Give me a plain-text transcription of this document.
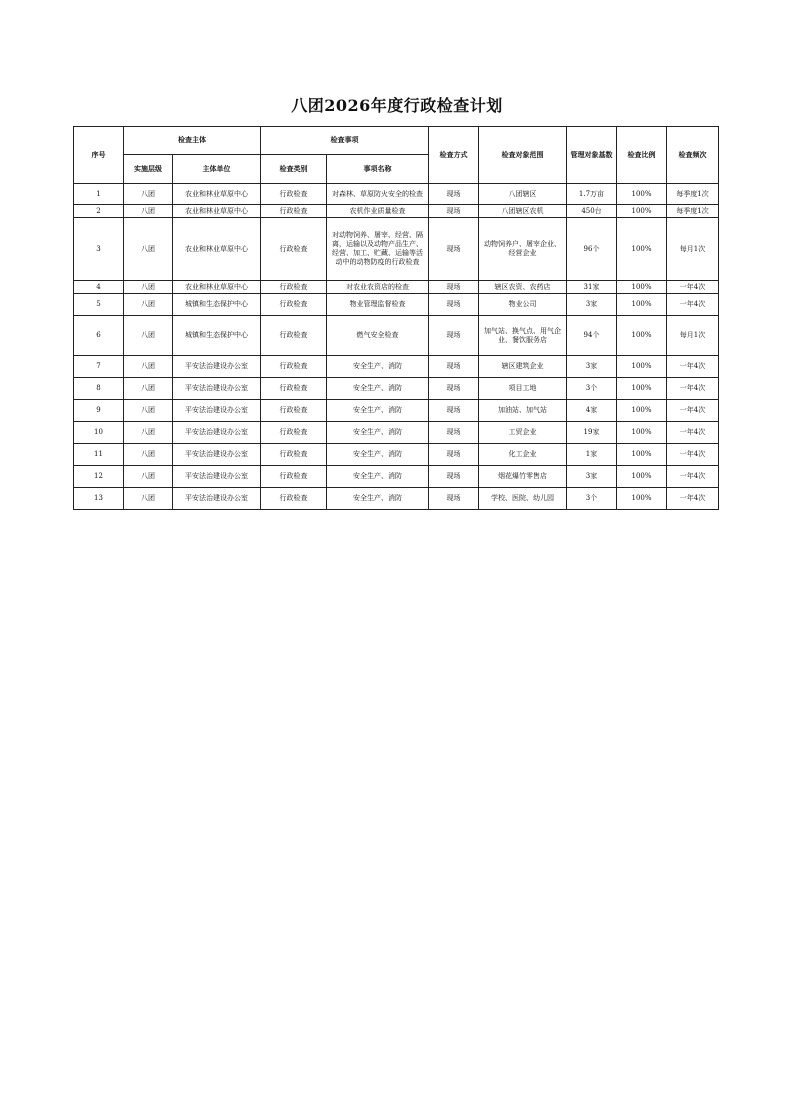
八团2026年度行政检查计划
序号	检查主体		检查事项		检查方式	检查对象范围	管理对象基数	检查比例	检查频次
	实施层级	主体单位	检查类别	事项名称					
1	八团	农业和林业草原中心	行政检查	对森林、草原防火安全的检查	现场	八团辖区	1.7万亩	100%	每季度1次
2	八团	农业和林业草原中心	行政检查	农机作业质量检查	现场	八团辖区农机	450台	100%	每季度1次
3	八团	农业和林业草原中心	行政检查	对动物饲养、屠宰、经营、隔离，运输以及动物产品生产、经营、加工、贮藏、运输等活动中的动物防疫的行政检查	现场	动物饲养户、屠宰企业、经营企业	96个	100%	每月1次
4	八团	农业和林业草原中心	行政检查	对农业农资店的检查	现场	辖区农资、农药店	31家	100%	一年4次
5	八团	城镇和生态保护中心	行政检查	物业管理监督检查	现场	物业公司	3家	100%	一年4次
6	八团	城镇和生态保护中心	行政检查	燃气安全检查	现场	加气站、换气点、用气企业、餐饮服务店	94个	100%	每月1次
7	八团	平安法治建设办公室	行政检查	安全生产、消防	现场	辖区建筑企业	3家	100%	一年4次
8	八团	平安法治建设办公室	行政检查	安全生产、消防	现场	项目工地	3个	100%	一年4次
9	八团	平安法治建设办公室	行政检查	安全生产、消防	现场	加油站、加气站	4家	100%	一年4次
10	八团	平安法治建设办公室	行政检查	安全生产、消防	现场	工贸企业	19家	100%	一年4次
11	八团	平安法治建设办公室	行政检查	安全生产、消防	现场	化工企业	1家	100%	一年4次
12	八团	平安法治建设办公室	行政检查	安全生产、消防	现场	烟花爆竹零售店	3家	100%	一年4次
13	八团	平安法治建设办公室	行政检查	安全生产、消防	现场	学校、医院、幼儿园	3个	100%	一年4次
